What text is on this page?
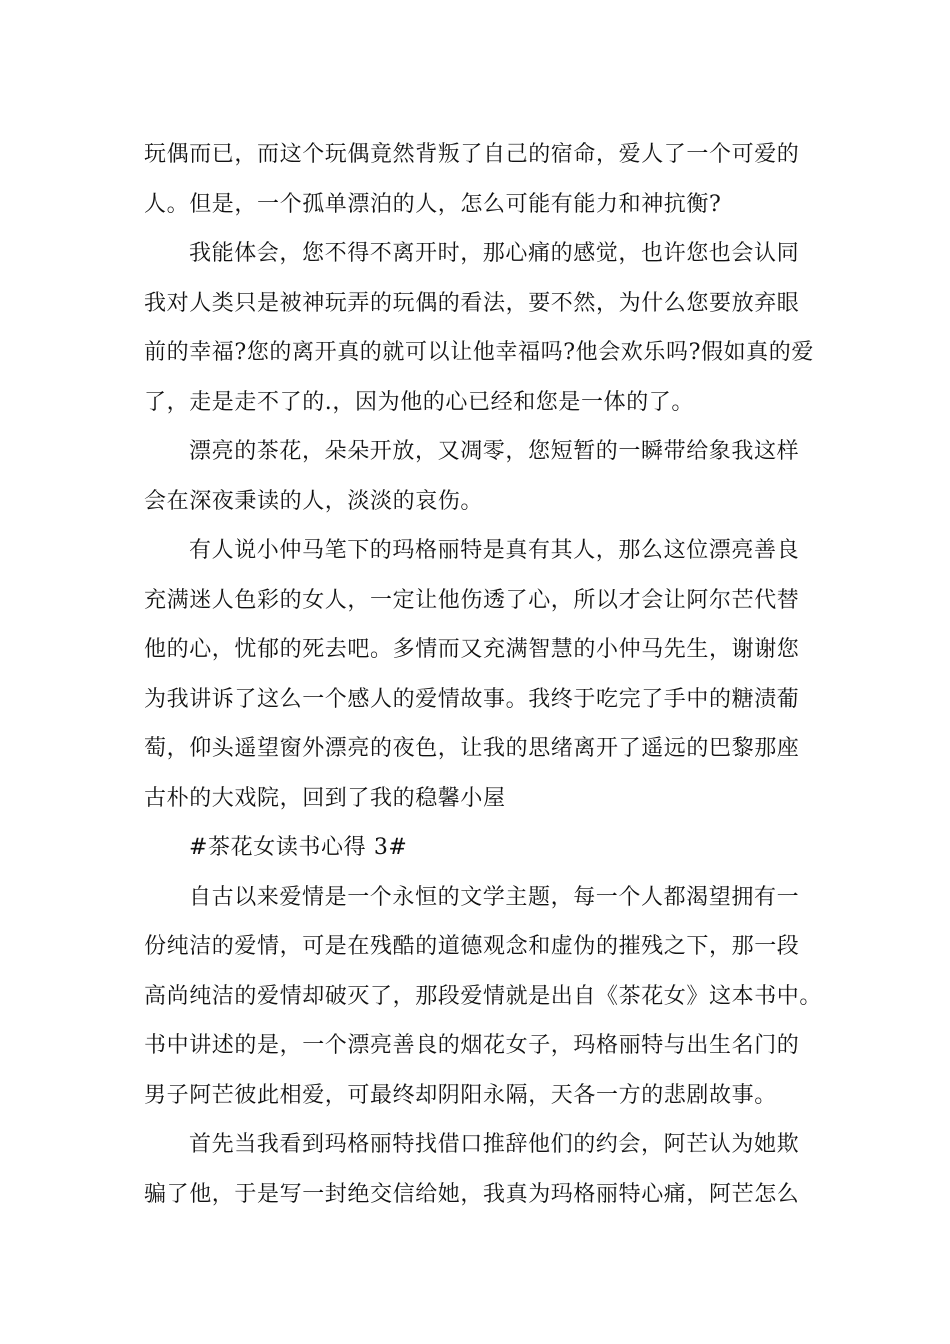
玩偶而已，而这个玩偶竟然背叛了自己的宿命，爱人了一个可爱的
人。但是，一个孤单漂泊的人，怎么可能有能力和神抗衡?
我能体会，您不得不离开时，那心痛的感觉，也许您也会认同
我对人类只是被神玩弄的玩偶的看法，要不然，为什么您要放弃眼
前的幸福?您的离开真的就可以让他幸福吗?他会欢乐吗?假如真的爱
了，走是走不了的.，因为他的心已经和您是一体的了。
漂亮的茶花，朵朵开放，又凋零，您短暂的一瞬带给象我这样
会在深夜秉读的人，淡淡的哀伤。
有人说小仲马笔下的玛格丽特是真有其人，那么这位漂亮善良
充满迷人色彩的女人，一定让他伤透了心，所以才会让阿尔芒代替
他的心，忧郁的死去吧。多情而又充满智慧的小仲马先生，谢谢您
为我讲诉了这么一个感人的爱情故事。我终于吃完了手中的糖渍葡
萄，仰头遥望窗外漂亮的夜色，让我的思绪离开了遥远的巴黎那座
古朴的大戏院，回到了我的稳馨小屋
#茶花女读书心得 3#
自古以来爱情是一个永恒的文学主题，每一个人都渴望拥有一
份纯洁的爱情，可是在残酷的道德观念和虚伪的摧残之下，那一段
高尚纯洁的爱情却破灭了，那段爱情就是出自《茶花女》这本书中。
书中讲述的是，一个漂亮善良的烟花女子，玛格丽特与出生名门的
男子阿芒彼此相爱，可最终却阴阳永隔，天各一方的悲剧故事。
首先当我看到玛格丽特找借口推辞他们的约会，阿芒认为她欺
骗了他，于是写一封绝交信给她，我真为玛格丽特心痛，阿芒怎么
